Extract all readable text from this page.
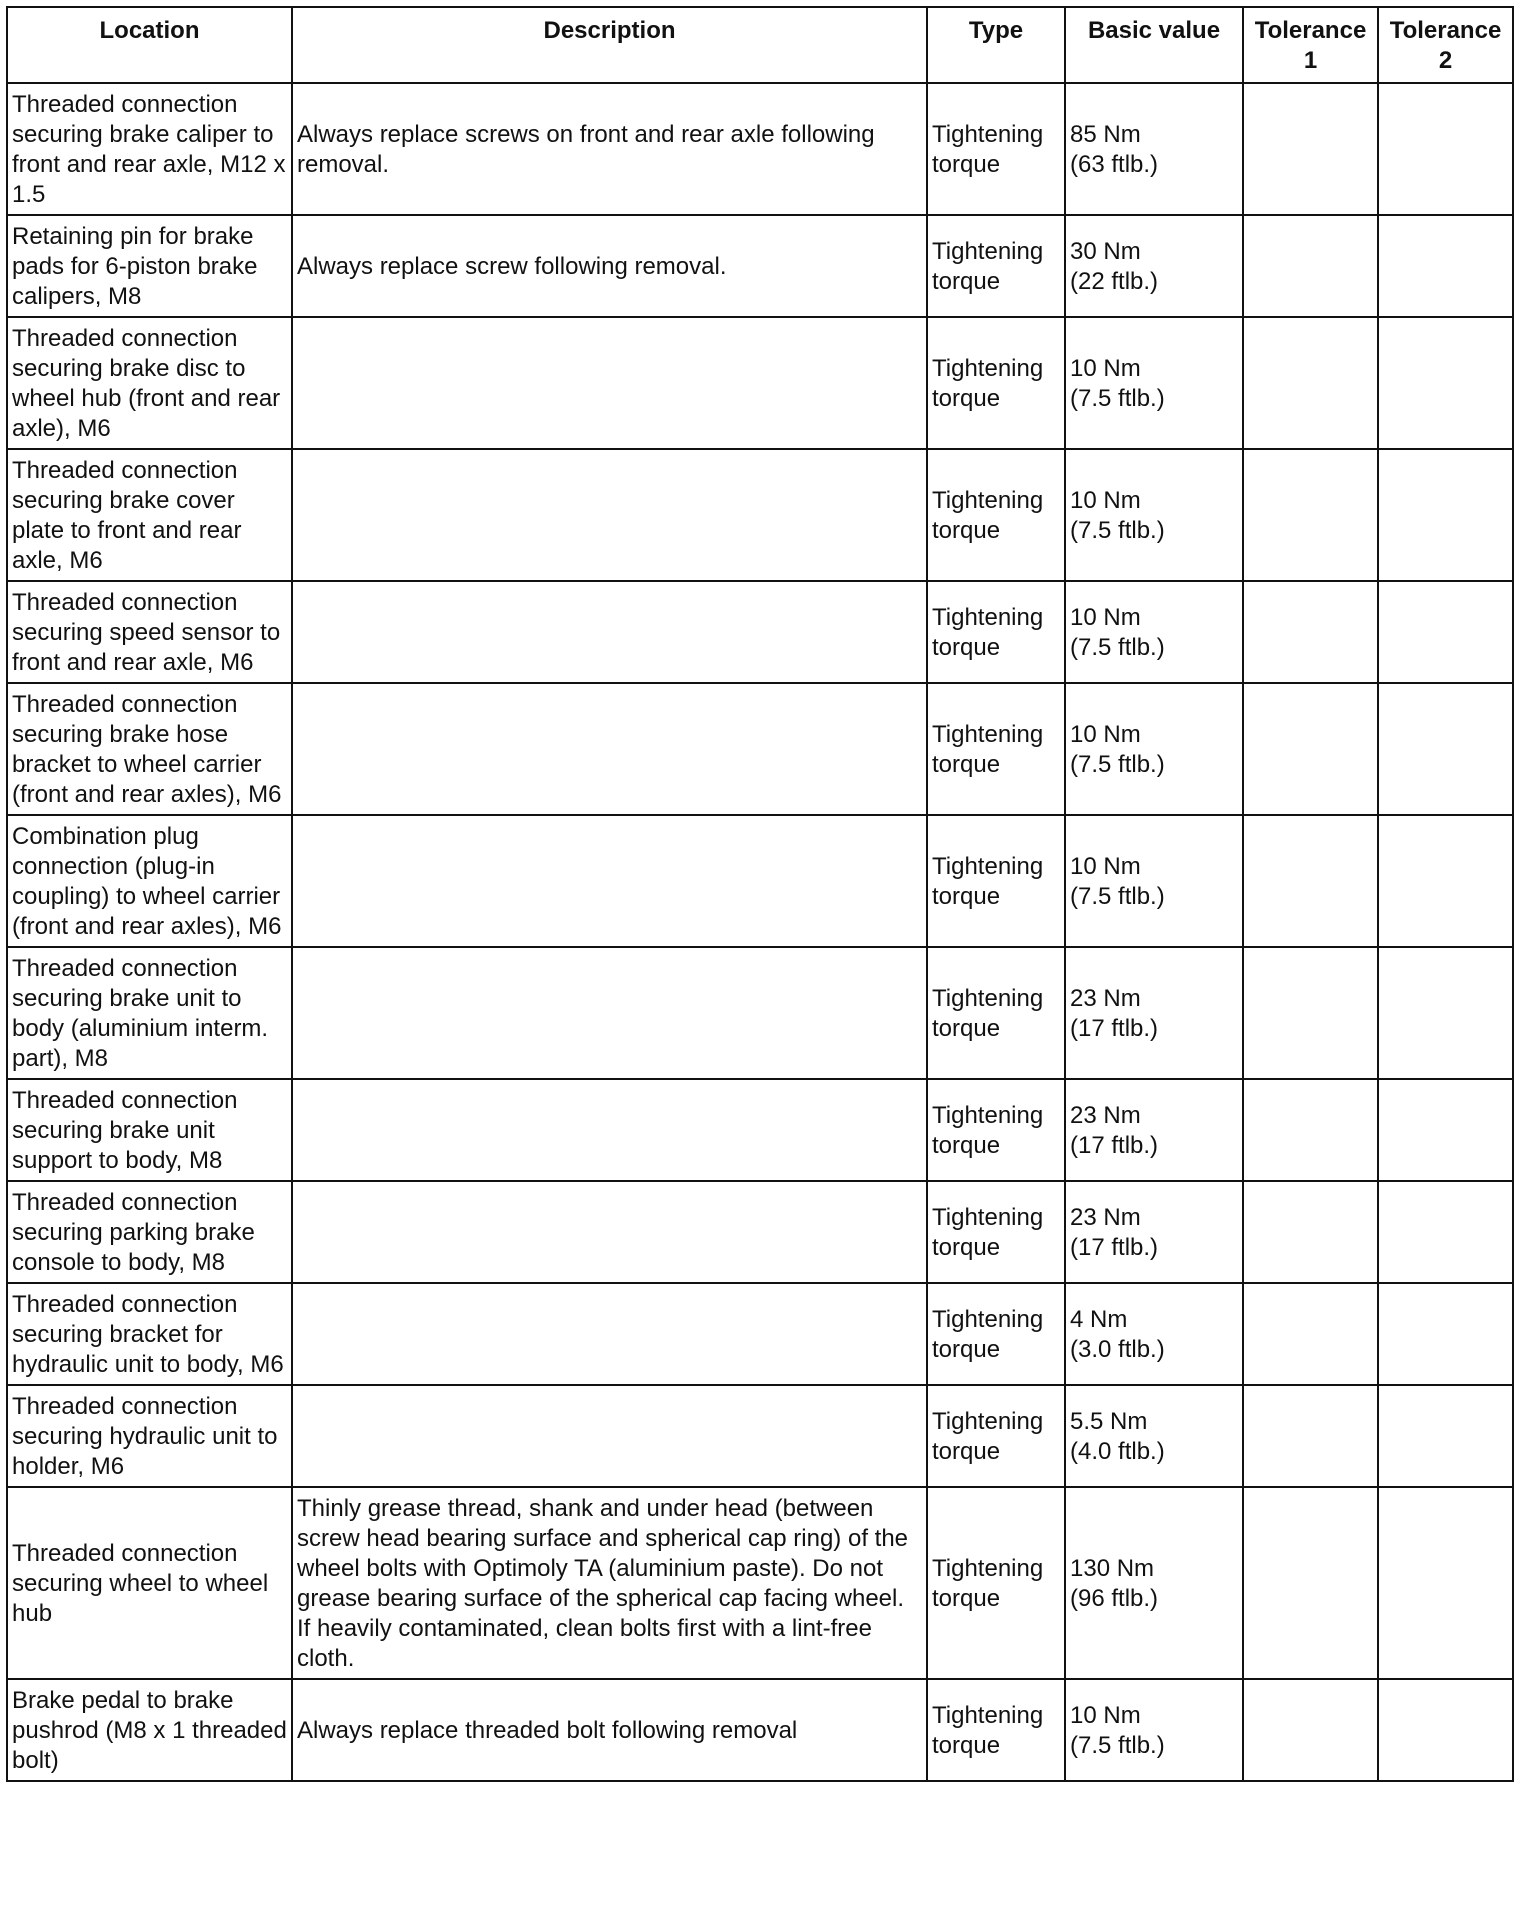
Location	Description	Type	Basic value	Tolerance 1	Tolerance 2
Threaded connection securing brake caliper to front and rear axle, M12 x 1.5	Always replace screws on front and rear axle following removal.	Tightening torque	85 Nm
(63 ftlb.)		
Retaining pin for brake pads for 6-piston brake calipers, M8	Always replace screw following removal.	Tightening torque	30 Nm
(22 ftlb.)		
Threaded connection securing brake disc to wheel hub (front and rear axle), M6		Tightening torque	10 Nm
(7.5 ftlb.)		
Threaded connection securing brake cover plate to front and rear axle, M6		Tightening torque	10 Nm
(7.5 ftlb.)		
Threaded connection securing speed sensor to front and rear axle, M6		Tightening torque	10 Nm
(7.5 ftlb.)		
Threaded connection securing brake hose bracket to wheel carrier (front and rear axles), M6		Tightening torque	10 Nm
(7.5 ftlb.)		
Combination plug connection (plug-in coupling) to wheel carrier (front and rear axles), M6		Tightening torque	10 Nm
(7.5 ftlb.)		
Threaded connection securing brake unit to body (aluminium interm. part), M8		Tightening torque	23 Nm
(17 ftlb.)		
Threaded connection securing brake unit support to body, M8		Tightening torque	23 Nm
(17 ftlb.)		
Threaded connection securing parking brake console to body, M8		Tightening torque	23 Nm
(17 ftlb.)		
Threaded connection securing bracket for hydraulic unit to body, M6		Tightening torque	4 Nm
(3.0 ftlb.)		
Threaded connection securing hydraulic unit to holder, M6		Tightening torque	5.5 Nm
(4.0 ftlb.)		
Threaded connection securing wheel to wheel hub	Thinly grease thread, shank and under head (between screw head bearing surface and spherical cap ring) of the wheel bolts with Optimoly TA (aluminium paste). Do not grease bearing surface of the spherical cap facing wheel. If heavily contaminated, clean bolts first with a lint-free cloth.	Tightening torque	130 Nm
(96 ftlb.)		
Brake pedal to brake pushrod (M8 x 1 threaded bolt)	Always replace threaded bolt following removal	Tightening torque	10 Nm
(7.5 ftlb.)		
